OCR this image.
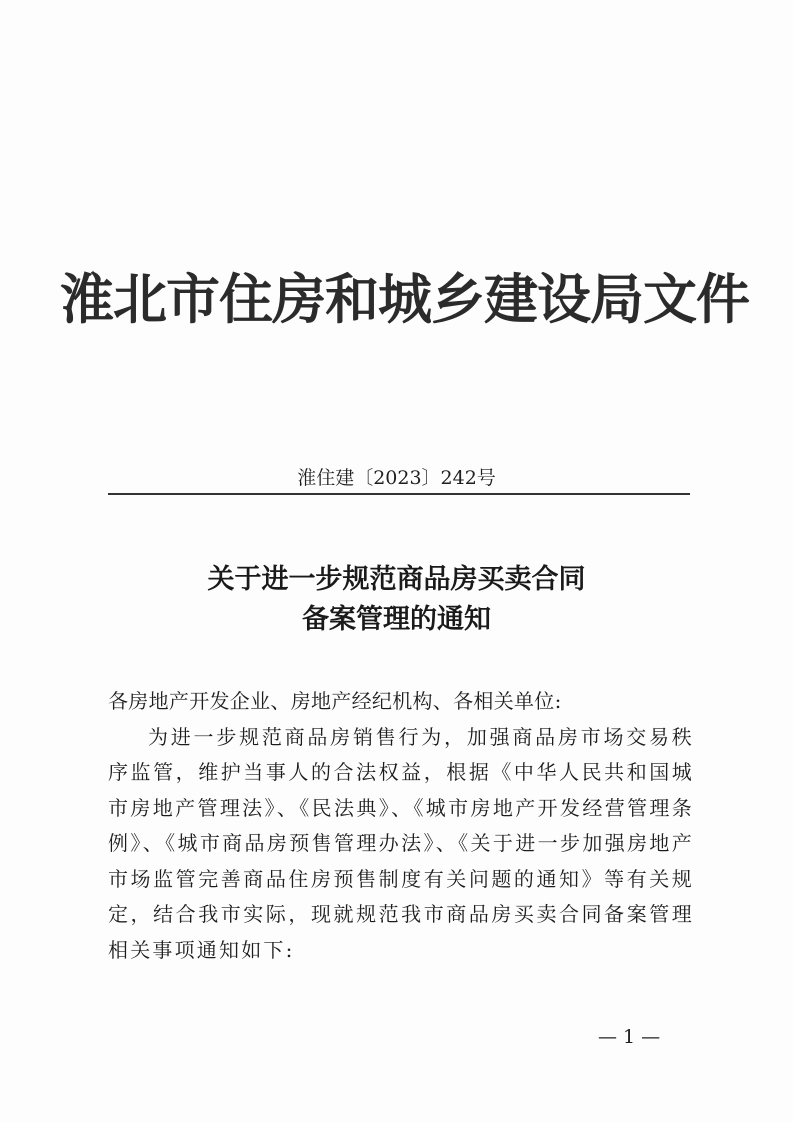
淮北市住房和城乡建设局文件
淮住建〔2023〕242号
关于进一步规范商品房买卖合同
备案管理的通知
各房地产开发企业、房地产经纪机构、各相关单位:
为进一步规范商品房销售行为，加强商品房市场交易秩序监管，维护当事人的合法权益，根据《中华人民共和国城市房地产管理法》、《民法典》、《城市房地产开发经营管理条例》、《城市商品房预售管理办法》、《关于进一步加强房地产市场监管完善商品住房预售制度有关问题的通知》等有关规定，结合我市实际，现就规范我市商品房买卖合同备案管理相关事项通知如下:
— 1 —
